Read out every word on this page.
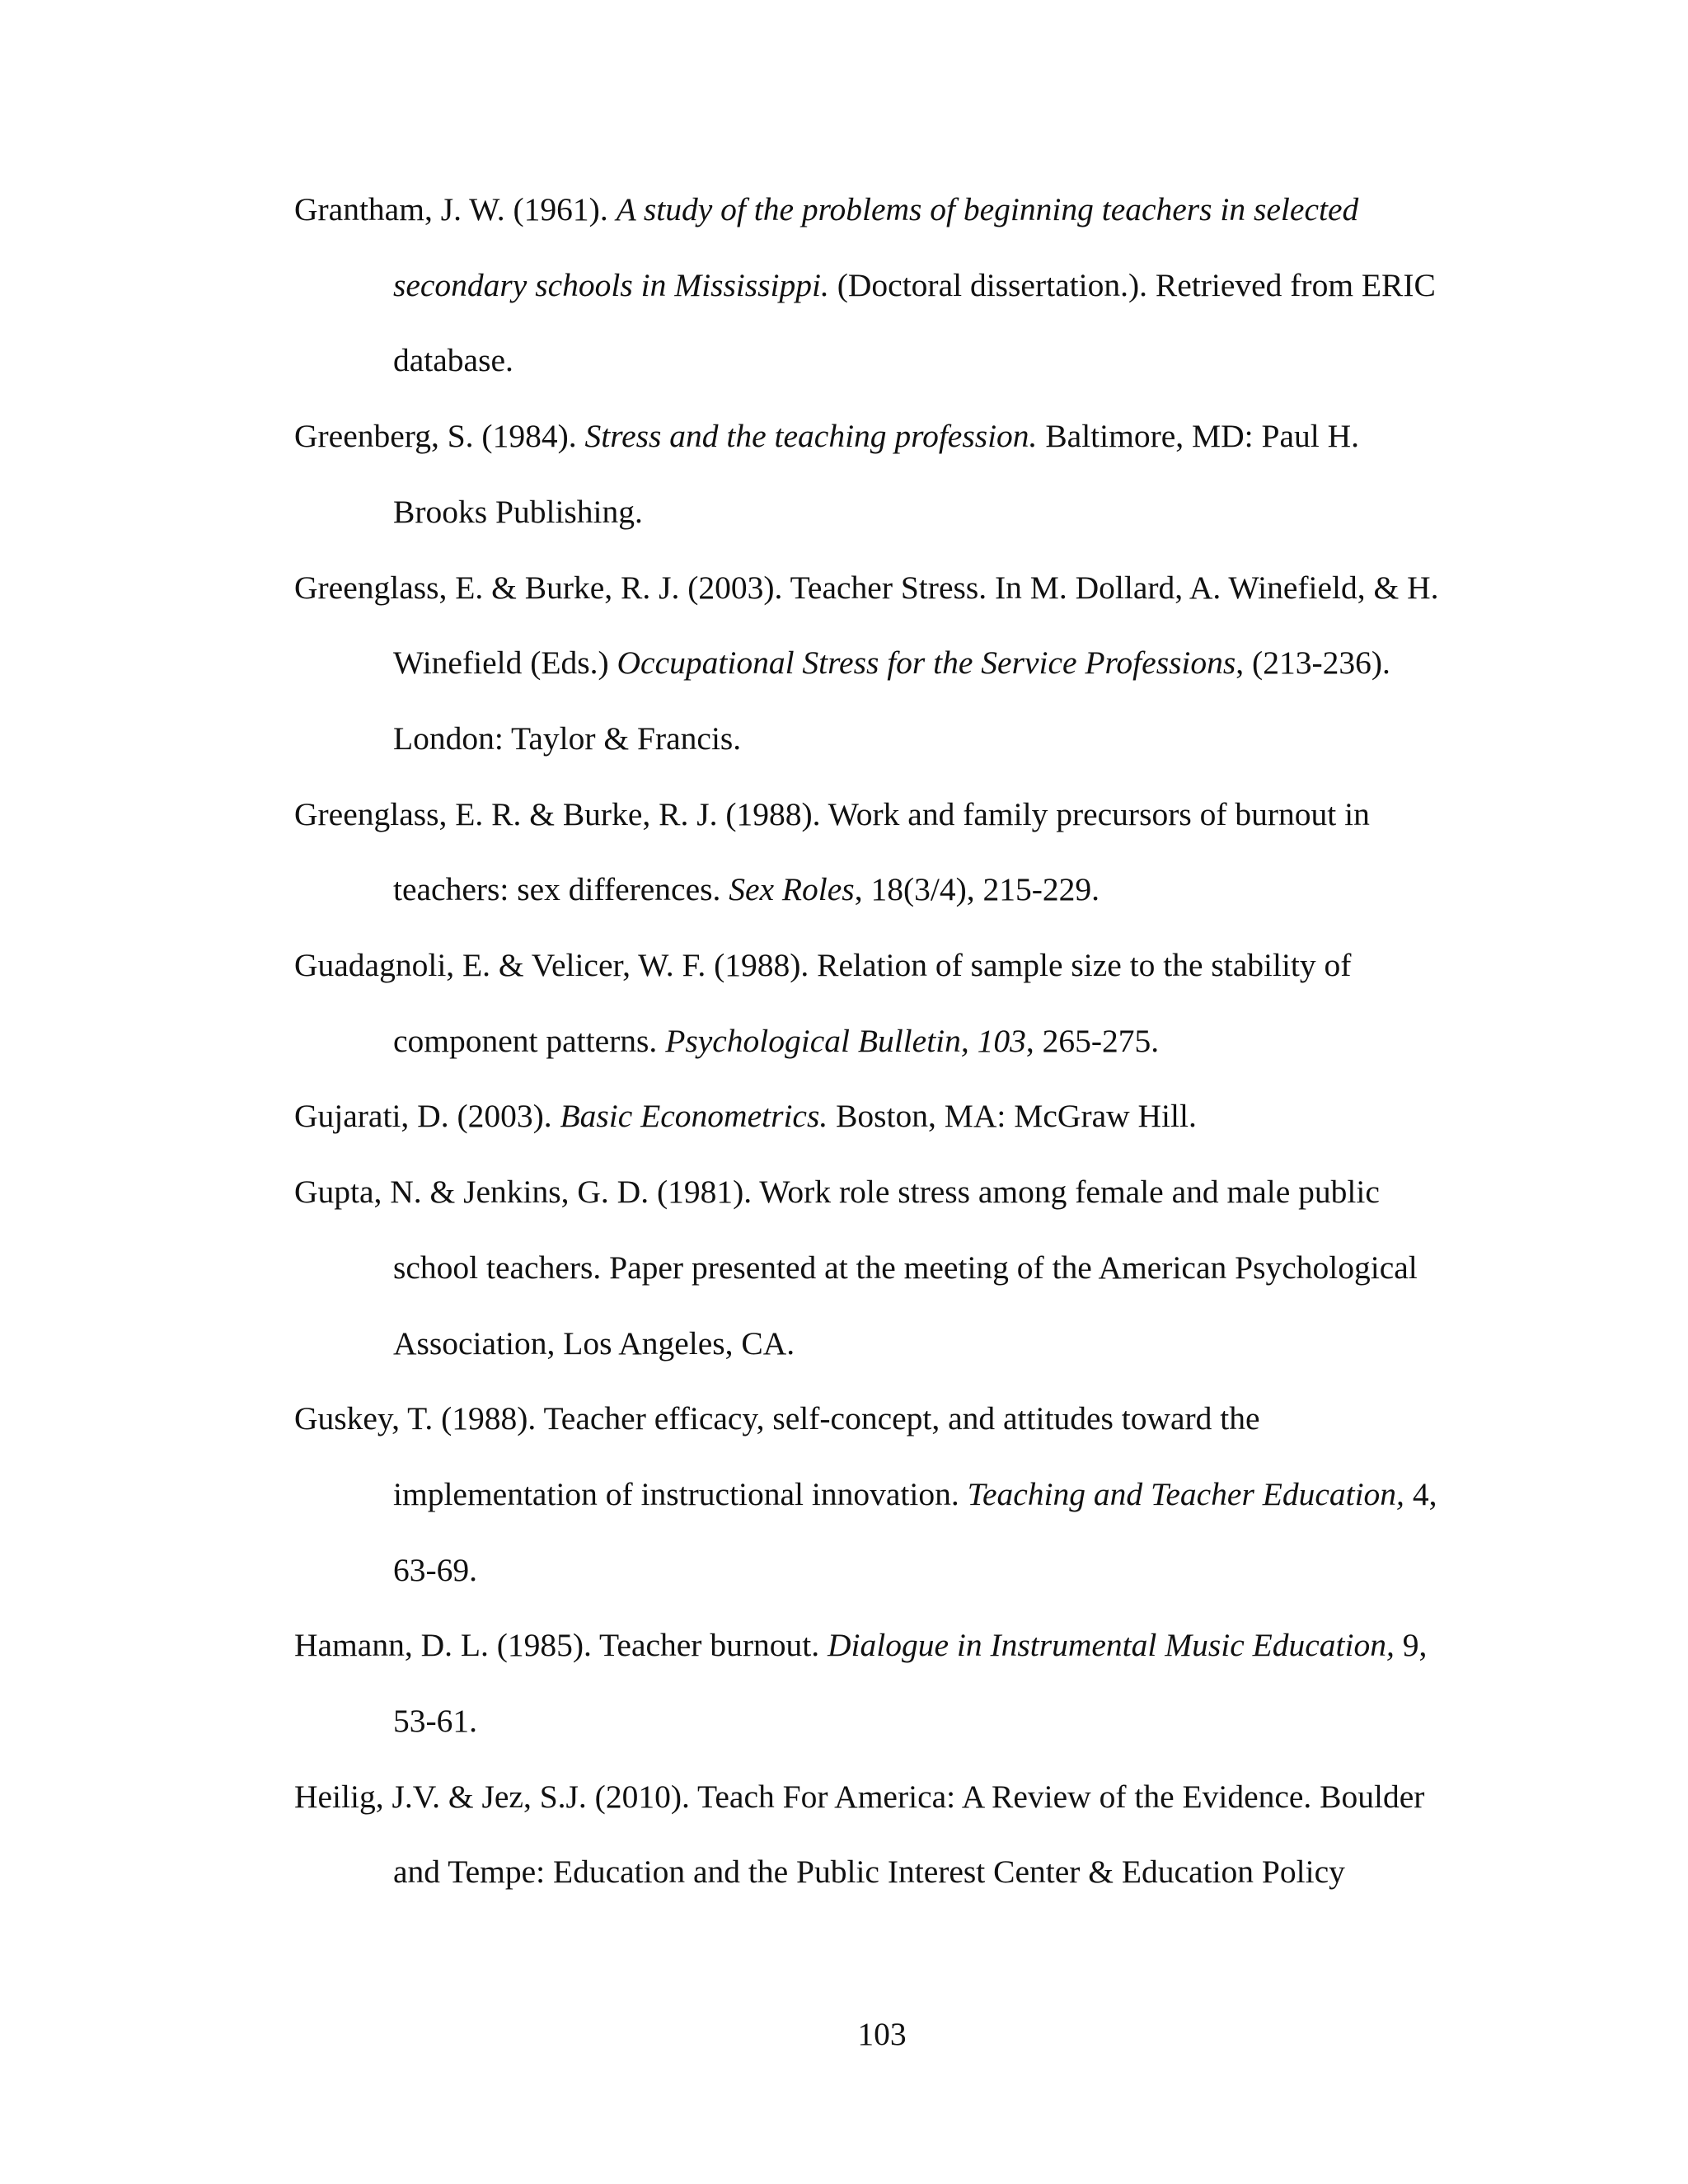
Grantham, J. W. (1961). A study of the problems of beginning teachers in selected
secondary schools in Mississippi. (Doctoral dissertation.). Retrieved from ERIC
database.
Greenberg, S. (1984). Stress and the teaching profession. Baltimore, MD: Paul H.
Brooks Publishing.
Greenglass, E. & Burke, R. J. (2003). Teacher Stress. In M. Dollard, A. Winefield, & H.
Winefield (Eds.) Occupational Stress for the Service Professions, (213-236).
London: Taylor & Francis.
Greenglass, E. R. & Burke, R. J. (1988). Work and family precursors of burnout in
teachers: sex differences. Sex Roles, 18(3/4), 215-229.
Guadagnoli, E. & Velicer, W. F. (1988). Relation of sample size to the stability of
component patterns. Psychological Bulletin, 103, 265-275.
Gujarati, D. (2003). Basic Econometrics. Boston, MA: McGraw Hill.
Gupta, N. & Jenkins, G. D. (1981). Work role stress among female and male public
school teachers. Paper presented at the meeting of the American Psychological
Association, Los Angeles, CA.
Guskey, T. (1988). Teacher efficacy, self-concept, and attitudes toward the
implementation of instructional innovation. Teaching and Teacher Education, 4,
63-69.
Hamann, D. L. (1985). Teacher burnout. Dialogue in Instrumental Music Education, 9,
53-61.
Heilig, J.V. & Jez, S.J. (2010). Teach For America: A Review of the Evidence. Boulder
and Tempe: Education and the Public Interest Center & Education Policy
103
